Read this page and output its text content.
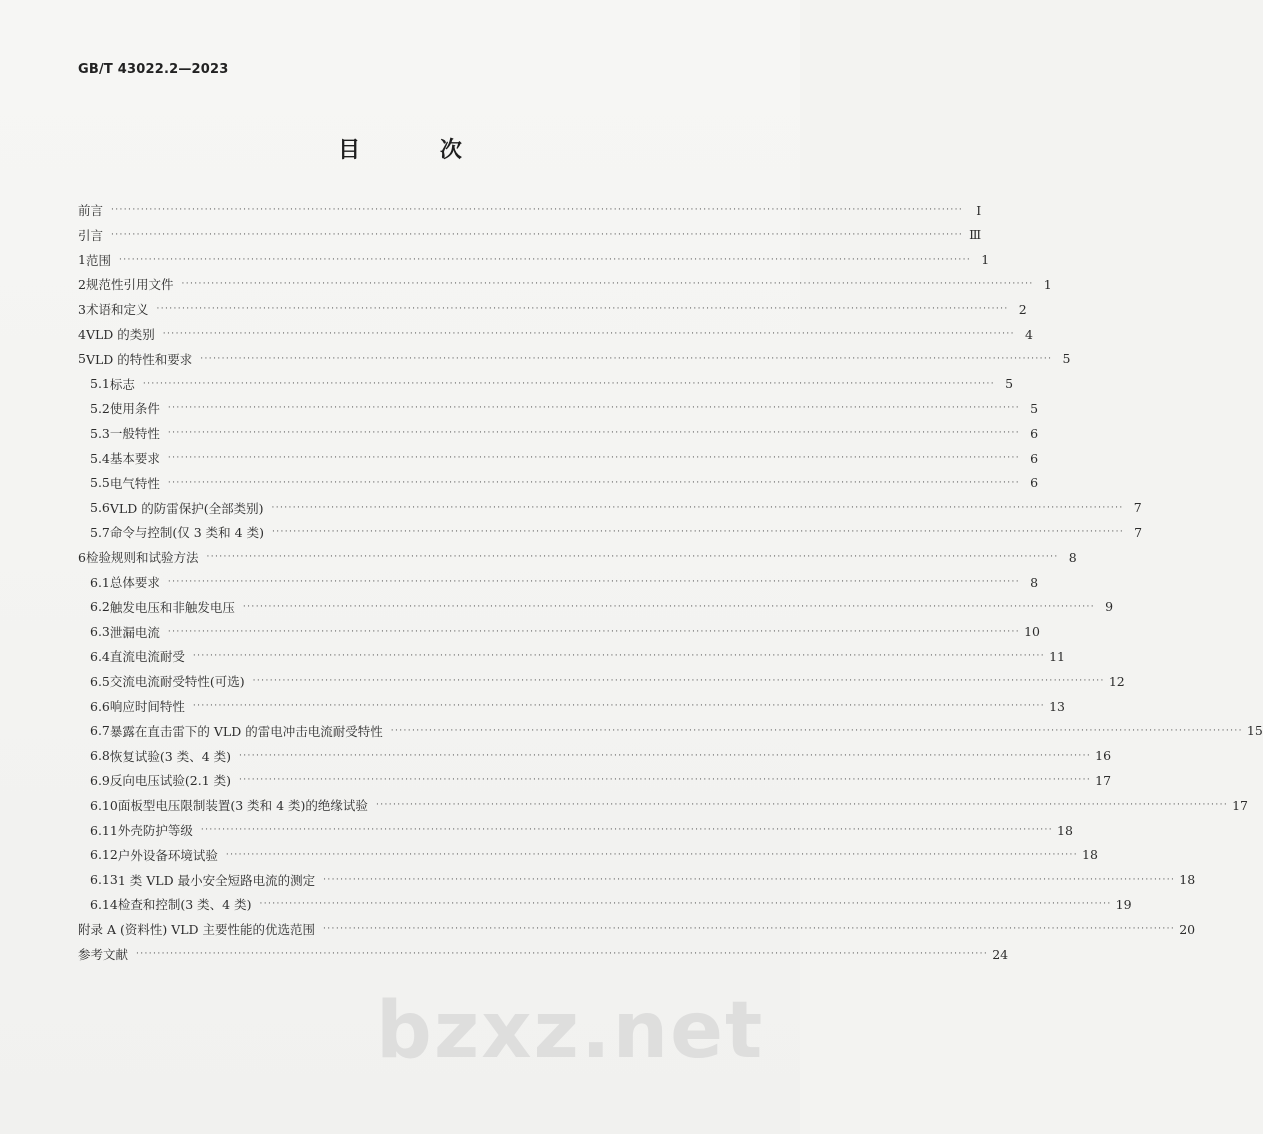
GB/T 43022.2—2023
目 次
前言 ········································································································································································································	Ⅰ
引言 ········································································································································································································ Ⅲ
1 范围 ········································································································································································································ 1
2 规范性引用文件 ········································································································································································································ 1
3 术语和定义 ········································································································································································································ 2
4 VLD 的类别 ········································································································································································································ 4
5 VLD 的特性和要求 ········································································································································································································ 5
5.1 标志 ········································································································································································································ 5
5.2 使用条件 ········································································································································································································ 5
5.3 一般特性 ········································································································································································································ 6
5.4 基本要求 ········································································································································································································ 6
5.5 电气特性 ········································································································································································································ 6
5.6 VLD 的防雷保护(全部类别) ········································································································································································································ 7
5.7 命令与控制(仅 3 类和 4 类) ········································································································································································································ 7
6 检验规则和试验方法 ········································································································································································································ 8
6.1 总体要求 ········································································································································································································ 8
6.2 触发电压和非触发电压 ········································································································································································································ 9
6.3 泄漏电流 ········································································································································································································ 10
6.4 直流电流耐受 ········································································································································································································ 11
6.5 交流电流耐受特性(可选) ········································································································································································································ 12
6.6 响应时间特性 ········································································································································································································ 13
6.7 暴露在直击雷下的 VLD 的雷电冲击电流耐受特性 ········································································································································································································ 15
6.8 恢复试验(3 类、4 类) ········································································································································································································ 16
6.9 反向电压试验(2.1 类) ········································································································································································································ 17
6.10 面板型电压限制装置(3 类和 4 类)的绝缘试验 ········································································································································································································ 17
6.11 外壳防护等级 ········································································································································································································ 18
6.12 户外设备环境试验 ········································································································································································································ 18
6.13 1 类 VLD 最小安全短路电流的测定 ········································································································································································································ 18
6.14 检查和控制(3 类、4 类) ········································································································································································································ 19
附录 A (资料性) VLD 主要性能的优选范围 ········································································································································································································ 20
参考文献 ········································································································································································································ 24
bzxz.net
